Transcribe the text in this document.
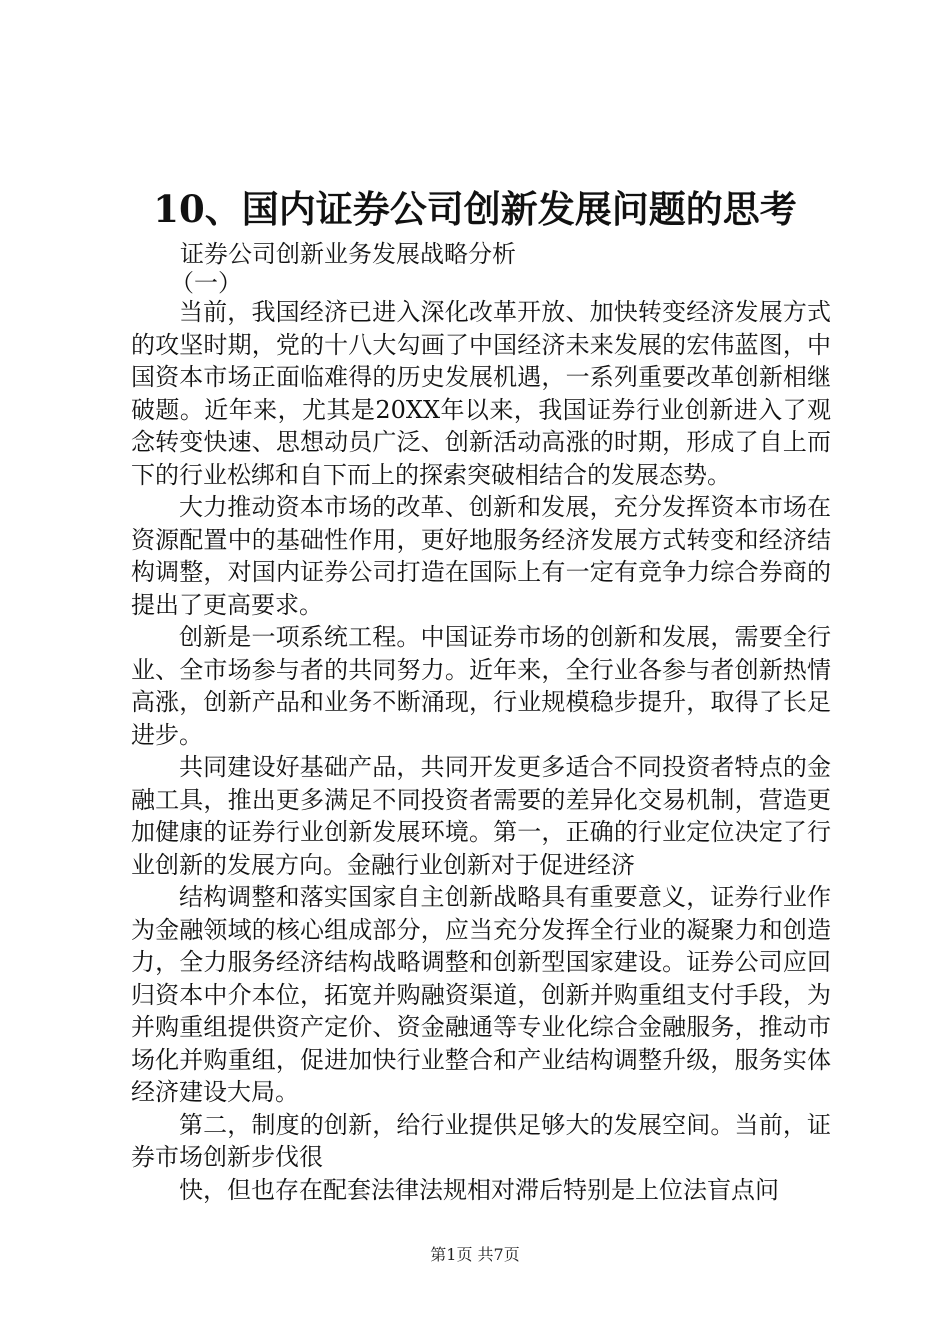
10、国内证券公司创新发展问题的思考
证券公司创新业务发展战略分析
（一）

当前，我国经济已进入深化改革开放、加快转变经济发展方式的攻坚时期，党的十八大勾画了中国经济未来发展的宏伟蓝图，中国资本市场正面临难得的历史发展机遇，一系列重要改革创新相继破题。近年来，尤其是20XX年以来，我国证券行业创新进入了观念转变快速、思想动员广泛、创新活动高涨的时期，形成了自上而下的行业松绑和自下而上的探索突破相结合的发展态势。

大力推动资本市场的改革、创新和发展，充分发挥资本市场在资源配置中的基础性作用，更好地服务经济发展方式转变和经济结构调整，对国内证券公司打造在国际上有一定有竞争力综合券商的提出了更高要求。

创新是一项系统工程。中国证券市场的创新和发展，需要全行业、全市场参与者的共同努力。近年来，全行业各参与者创新热情高涨，创新产品和业务不断涌现，行业规模稳步提升，取得了长足进步。

共同建设好基础产品，共同开发更多适合不同投资者特点的金融工具，推出更多满足不同投资者需要的差异化交易机制，营造更加健康的证券行业创新发展环境。第一，正确的行业定位决定了行业创新的发展方向。金融行业创新对于促进经济

结构调整和落实国家自主创新战略具有重要意义，证券行业作为金融领域的核心组成部分，应当充分发挥全行业的凝聚力和创造力，全力服务经济结构战略调整和创新型国家建设。证券公司应回归资本中介本位，拓宽并购融资渠道，创新并购重组支付手段，为并购重组提供资产定价、资金融通等专业化综合金融服务，推动市场化并购重组，促进加快行业整合和产业结构调整升级，服务实体经济建设大局。

第二，制度的创新，给行业提供足够大的发展空间。当前，证券市场创新步伐很

快，但也存在配套法律法规相对滞后特别是上位法盲点问

第1页 共7页
